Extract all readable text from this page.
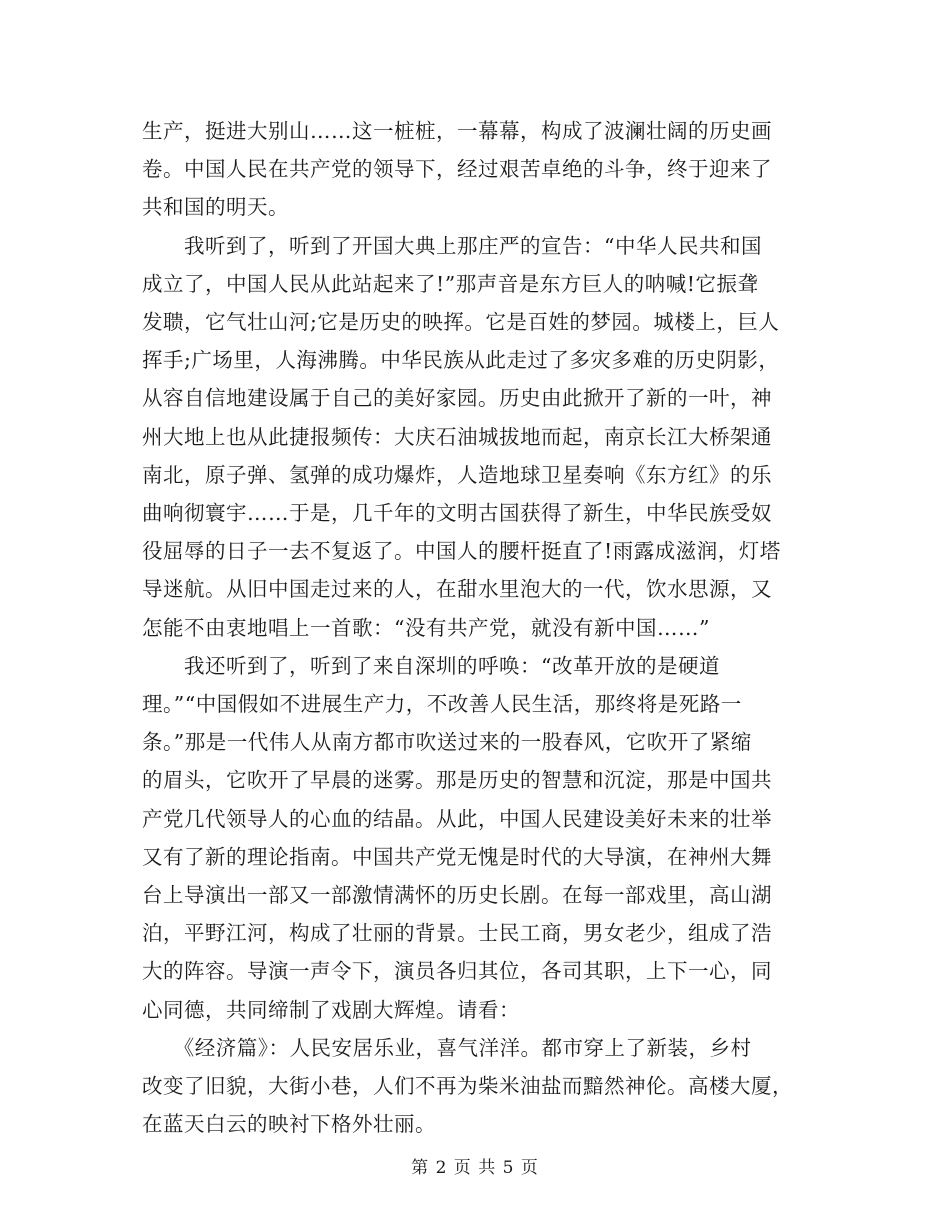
生产，挺进大别山……这一桩桩，一幕幕，构成了波澜壮阔的历史画
卷。中国人民在共产党的领导下，经过艰苦卓绝的斗争，终于迎来了
共和国的明天。

　　我听到了，听到了开国大典上那庄严的宣告：“中华人民共和国
成立了，中国人民从此站起来了!”那声音是东方巨人的呐喊!它振聋
发聩，它气壮山河;它是历史的映挥。它是百姓的梦园。城楼上，巨人
挥手;广场里，人海沸腾。中华民族从此走过了多灾多难的历史阴影，
从容自信地建设属于自己的美好家园。历史由此掀开了新的一叶，神
州大地上也从此捷报频传：大庆石油城拔地而起，南京长江大桥架通
南北，原子弹、氢弹的成功爆炸，人造地球卫星奏响《东方红》的乐
曲响彻寰宇……于是，几千年的文明古国获得了新生，中华民族受奴
役屈辱的日子一去不复返了。中国人的腰杆挺直了!雨露成滋润，灯塔
导迷航。从旧中国走过来的人，在甜水里泡大的一代，饮水思源，又
怎能不由衷地唱上一首歌：“没有共产党，就没有新中国……”

　　我还听到了，听到了来自深圳的呼唤：“改革开放的是硬道
理。”“中国假如不进展生产力，不改善人民生活，那终将是死路一
条。”那是一代伟人从南方都市吹送过来的一股春风，它吹开了紧缩
的眉头，它吹开了早晨的迷雾。那是历史的智慧和沉淀，那是中国共
产党几代领导人的心血的结晶。从此，中国人民建设美好未来的壮举
又有了新的理论指南。中国共产党无愧是时代的大导演，在神州大舞
台上导演出一部又一部激情满怀的历史长剧。在每一部戏里，高山湖
泊，平野江河，构成了壮丽的背景。士民工商，男女老少，组成了浩
大的阵容。导演一声令下，演员各归其位，各司其职，上下一心，同
心同德，共同缔制了戏剧大辉煌。请看：

　　《经济篇》：人民安居乐业，喜气洋洋。都市穿上了新装，乡村
改变了旧貌，大街小巷，人们不再为柴米油盐而黯然神伦。高楼大厦，
在蓝天白云的映衬下格外壮丽。

第 2 页 共 5 页
